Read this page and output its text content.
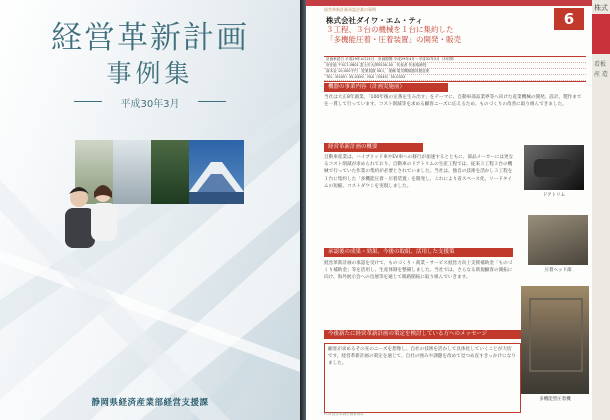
経営革新計画
事例集
平成30年3月
静岡県経済産業部経営支援課
経営革新計画承認企業の事例
6
株式会社ダイワ・エム・ティ
３工程、３台の機械を１台に集約した
「多機能圧着・圧着装置」の開発・販売
計画承認日 平成29年4月21日　計画期間 平成29年4月～平成32年3月（3年間）
所在地 〒417-0801 富士市大渕5530-30　代表者 代表取締役
資本金 10,000千円　従業員数 58人　業種 電気機械器具製造業
TEL（0545）35-0350　FAX（0545）35-0352
機器の事業内容（計画実施前）
当社は大正8年創業、「100年後の定番を生み出す」をテーマに、自動車部品業界等へ向けた産業機械の開発、設計、製作までを一貫して行っています。コスト削減等を求める顧客ニーズに応えるため、ものづくりの改善に取り組んできました。
経営革新計画の概要
自動車産業は、ハイブリッド車やEV車への移行が加速するとともに、部品メーカーには更なるコスト削減が求められており、自動車のドアトリムの生産工程では、従来３工程３台の機械で行っていた作業の集約が必要とされていました。当社は、独自の技術を活かし３工程を１台に集約した「多機能圧着・圧着装置」を開発し、これにより省スペース化、リードタイムの短縮、コストダウンを実現しました。
ドアトリム
承認後の成果・効果、今後の取組、活用した支援策
経営革新計画の承認を受けて、ものづくり・商業・サービス経営力向上支援補助金「ものづくり補助金」等を活用し、生産体制を整備しました。当社では、さらなる新規顧客の開拓に向け、海外展示会への出展等を通じて販路開拓に取り組んでいきます。
圧着ヘッド部
今後新たに経営革新計画の策定を検討している方へのメッセージ
顧客が求めるその先のニーズを想像し、自社の技術を活かして具体化していくことが大切です。経営革新計画の策定を通じて、自社の強みや課題を改めて見つめ直すきっかけになりました。
多機能型圧着機
PCB 経営革新計画事例集
株式
看板 産 造
